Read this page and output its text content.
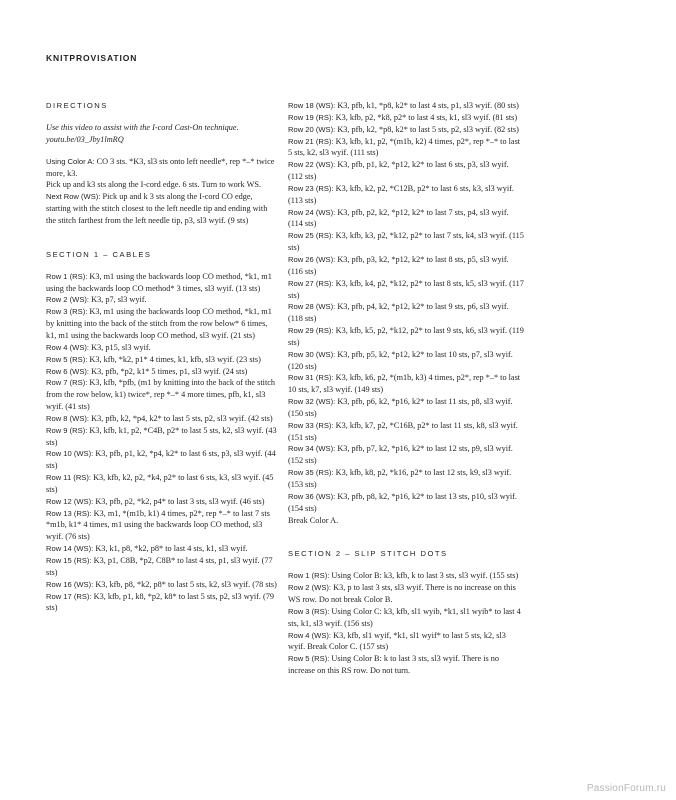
KNITPROVISATION

DIRECTIONS

Use this video to assist with the I-cord Cast-On technique.

youtu.be/03_Jby1lmRQ

Using Color A: CO 3 sts. *K3, sl3 sts onto left needle*, rep *–* twice more, k3.

Pick up and k3 sts along the I-cord edge. 6 sts. Turn to work WS.

Next Row (WS): Pick up and k 3 sts along the I-cord CO edge, starting with the stitch closest to the left needle tip and ending with the stitch farthest from the left needle tip, p3, sl3 wyif. (9 sts)

SECTION 1 – CABLES

Row 1 (RS): K3, m1 using the backwards loop CO method, *k1, m1 using the backwards loop CO method* 3 times, sl3 wyif. (13 sts)

Row 2 (WS): K3, p7, sl3 wyif.

Row 3 (RS): K3, m1 using the backwards loop CO method, *k1, m1 by knitting into the back of the stitch from the row below* 6 times, k1, m1 using the backwards loop CO method, sl3 wyif. (21 sts)

Row 4 (WS): K3, p15, sl3 wyif.

Row 5 (RS): K3, kfb, *k2, p1* 4 times, k1, kfb, sl3 wyif. (23 sts)

Row 6 (WS): K3, pfb, *p2, k1* 5 times, p1, sl3 wyif. (24 sts)

Row 7 (RS): K3, kfb, *pfb, (m1 by knitting into the back of the stitch from the row below, k1) twice*, rep *–* 4 more times, pfb, k1, sl3 wyif. (41 sts)

Row 8 (WS): K3, pfb, k2, *p4, k2* to last 5 sts, p2, sl3 wyif. (42 sts)

Row 9 (RS): K3, kfb, k1, p2, *C4B, p2* to last 5 sts, k2, sl3 wyif. (43 sts)

Row 10 (WS): K3, pfb, p1, k2, *p4, k2* to last 6 sts, p3, sl3 wyif. (44 sts)

Row 11 (RS): K3, kfb, k2, p2, *k4, p2* to last 6 sts, k3, sl3 wyif. (45 sts)

Row 12 (WS): K3, pfb, p2, *k2, p4* to last 3 sts, sl3 wyif. (46 sts)

Row 13 (RS): K3, m1, *(m1b, k1) 4 times, p2*, rep *–* to last 7 sts *m1b, k1* 4 times, m1 using the backwards loop CO method, sl3 wyif. (76 sts)

Row 14 (WS): K3, k1, p8, *k2, p8* to last 4 sts, k1, sl3 wyif.

Row 15 (RS): K3, p1, C8B, *p2, C8B* to last 4 sts, p1, sl3 wyif. (77 sts)

Row 16 (WS): K3, kfb, p8, *k2, p8* to last 5 sts, k2, sl3 wyif. (78 sts)

Row 17 (RS): K3, kfb, p1, k8, *p2, k8* to last 5 sts, p2, sl3 wyif. (79 sts)

Row 18 (WS): K3, pfb, k1, *p8, k2* to last 4 sts, p1, sl3 wyif. (80 sts)

Row 19 (RS): K3, kfb, p2, *k8, p2* to last 4 sts, k1, sl3 wyif. (81 sts)

Row 20 (WS): K3, pfb, k2, *p8, k2* to last 5 sts, p2, sl3 wyif. (82 sts)

Row 21 (RS): K3, kfb, k1, p2, *(m1b, k2) 4 times, p2*, rep *–* to last 5 sts, k2, sl3 wyif. (111 sts)

Row 22 (WS): K3, pfb, p1, k2, *p12, k2* to last 6 sts, p3, sl3 wyif. (112 sts)

Row 23 (RS): K3, kfb, k2, p2, *C12B, p2* to last 6 sts, k3, sl3 wyif. (113 sts)

Row 24 (WS): K3, pfb, p2, k2, *p12, k2* to last 7 sts, p4, sl3 wyif. (114 sts)

Row 25 (RS): K3, kfb, k3, p2, *k12, p2* to last 7 sts, k4, sl3 wyif. (115 sts)

Row 26 (WS): K3, pfb, p3, k2, *p12, k2* to last 8 sts, p5, sl3 wyif. (116 sts)

Row 27 (RS): K3, kfb, k4, p2, *k12, p2* to last 8 sts, k5, sl3 wyif. (117 sts)

Row 28 (WS): K3, pfb, p4, k2, *p12, k2* to last 9 sts, p6, sl3 wyif. (118 sts)

Row 29 (RS): K3, kfb, k5, p2, *k12, p2* to last 9 sts, k6, sl3 wyif. (119 sts)

Row 30 (WS): K3, pfb, p5, k2, *p12, k2* to last 10 sts, p7, sl3 wyif. (120 sts)

Row 31 (RS): K3, kfb, k6, p2, *(m1b, k3) 4 times, p2*, rep *–* to last 10 sts, k7, sl3 wyif. (149 sts)

Row 32 (WS): K3, pfb, p6, k2, *p16, k2* to last 11 sts, p8, sl3 wyif. (150 sts)

Row 33 (RS): K3, kfb, k7, p2, *C16B, p2* to last 11 sts, k8, sl3 wyif. (151 sts)

Row 34 (WS): K3, pfb, p7, k2, *p16, k2* to last 12 sts, p9, sl3 wyif. (152 sts)

Row 35 (RS): K3, kfb, k8, p2, *k16, p2* to last 12 sts, k9, sl3 wyif. (153 sts)

Row 36 (WS): K3, pfb, p8, k2, *p16, k2* to last 13 sts, p10, sl3 wyif. (154 sts)

Break Color A.

SECTION 2 – SLIP STITCH DOTS

Row 1 (RS): Using Color B: k3, kfb, k to last 3 sts, sl3 wyif. (155 sts)

Row 2 (WS): K3, p to last 3 sts, sl3 wyif. There is no increase on this WS row. Do not break Color B.

Row 3 (RS): Using Color C: k3, kfb, sl1 wyib, *k1, sl1 wyib* to last 4 sts, k1, sl3 wyif. (156 sts)

Row 4 (WS): K3, kfb, sl1 wyif, *k1, sl1 wyif* to last 5 sts, k2, sl3 wyif. Break Color C. (157 sts)

Row 5 (RS): Using Color B: k to last 3 sts, sl3 wyif. There is no increase on this RS row. Do not turn.

PassionForum.ru
